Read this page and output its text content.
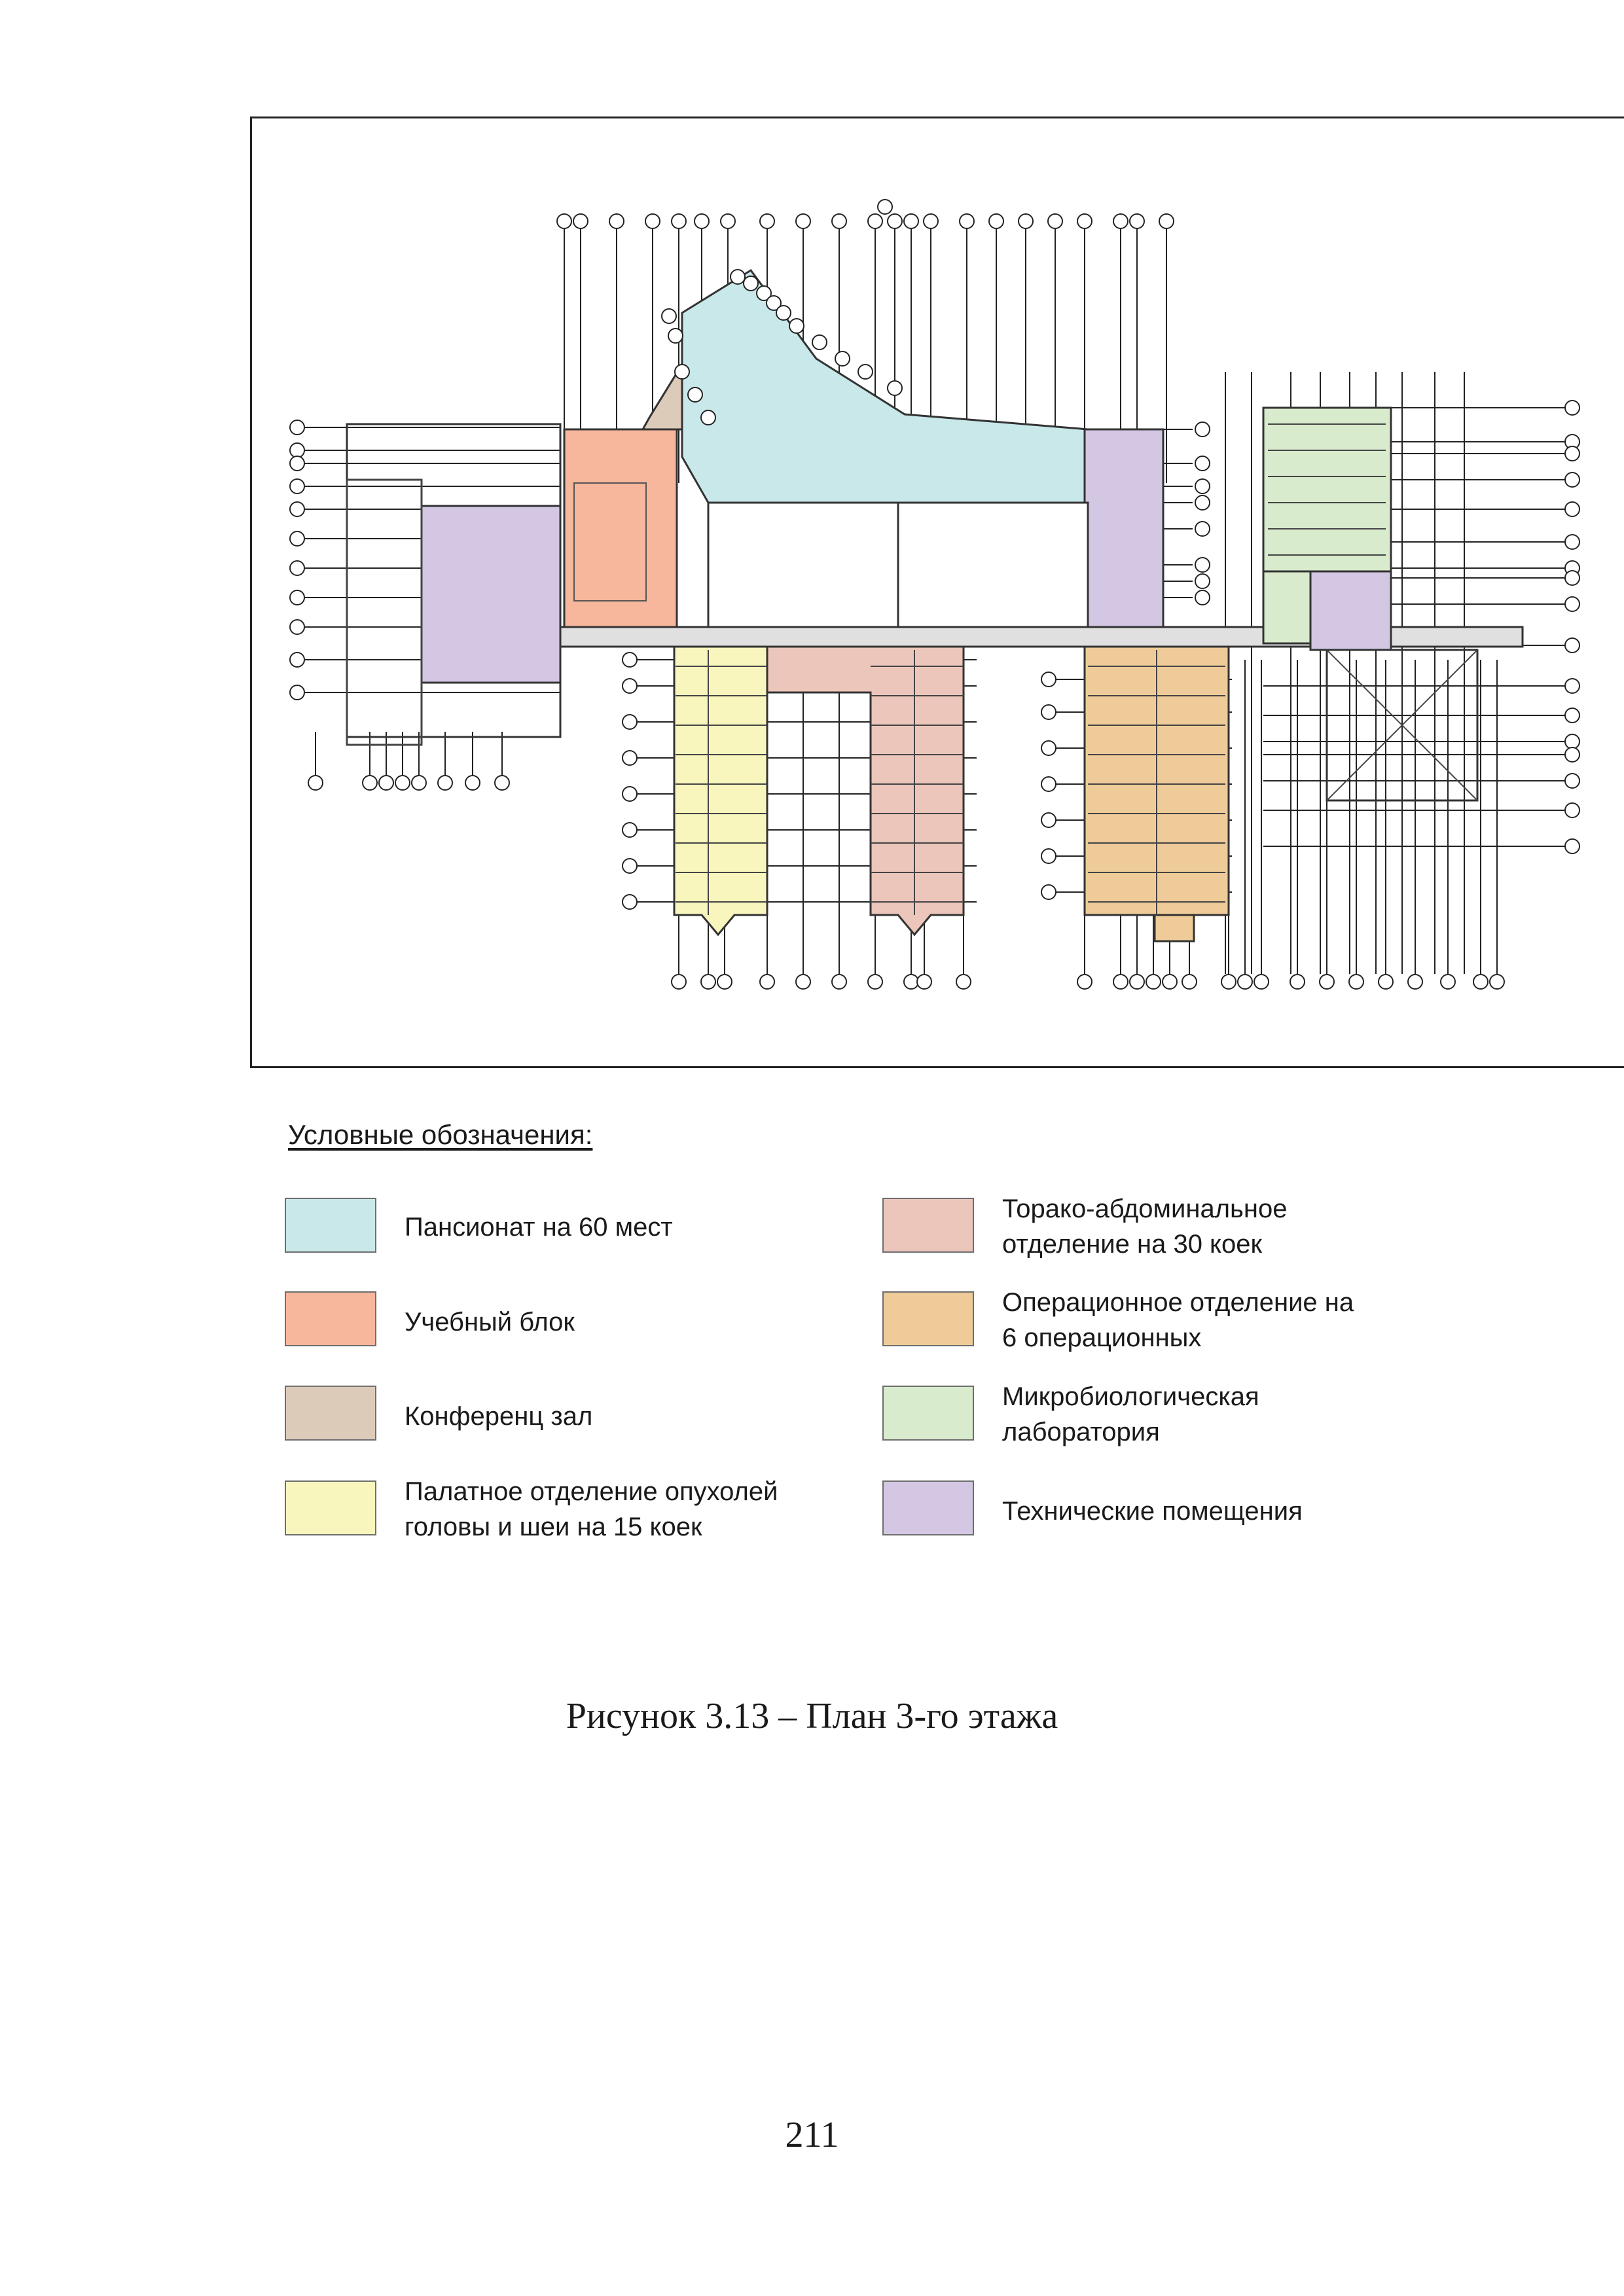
Условные обозначения:
Пансионат на 60 мест
Учебный блок
Конференц зал
Палатное отделение опухолей
головы и шеи на 15 коек
Торако-абдоминальное
отделение на 30 коек
Операционное отделение на
6 операционных
Микробиологическая
лаборатория
Технические помещения
Рисунок 3.13 – План 3-го этажа
211
